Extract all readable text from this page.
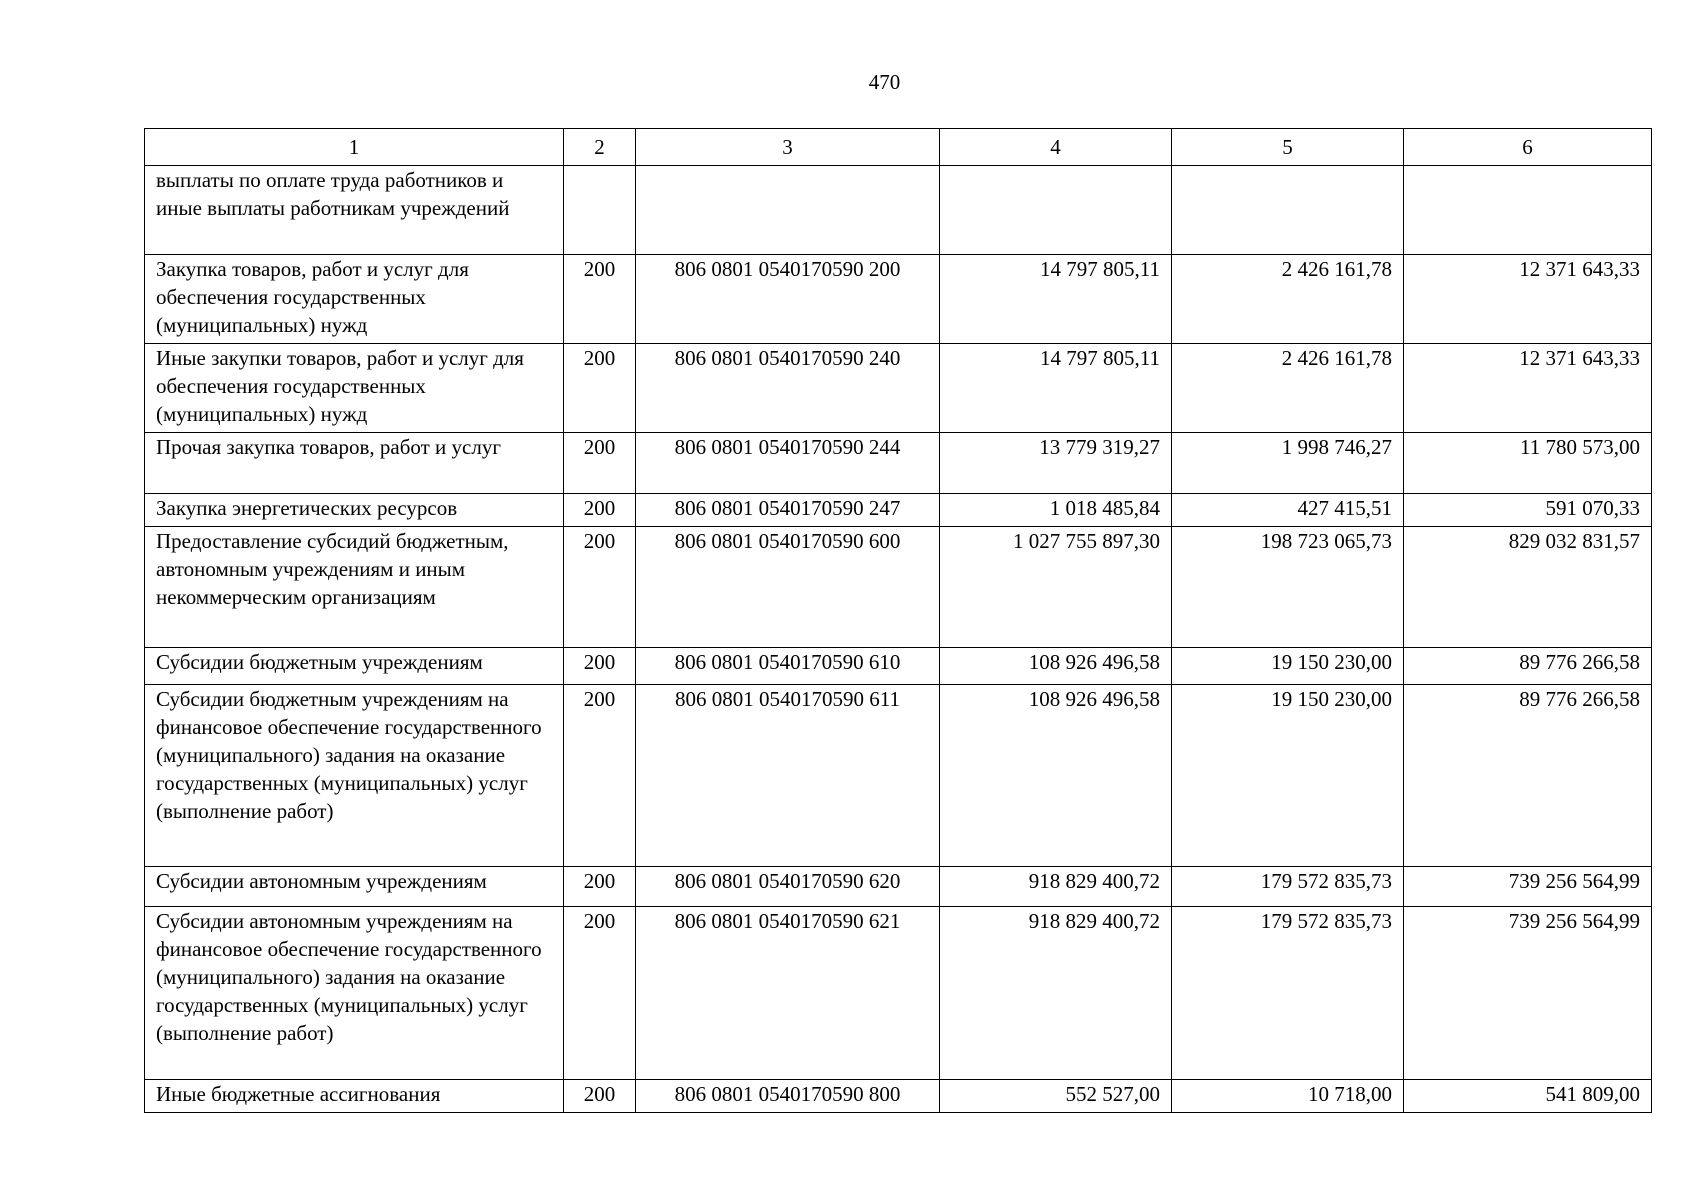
470
1	2	3	4	5	6
выплаты по оплате труда работников и иные выплаты работникам учреждений					
Закупка товаров, работ и услуг для обеспечения государственных (муниципальных) нужд	200	806 0801 0540170590 200	14 797 805,11	2 426 161,78	12 371 643,33
Иные закупки товаров, работ и услуг для обеспечения государственных (муниципальных) нужд	200	806 0801 0540170590 240	14 797 805,11	2 426 161,78	12 371 643,33
Прочая закупка товаров, работ и услуг	200	806 0801 0540170590 244	13 779 319,27	1 998 746,27	11 780 573,00
Закупка энергетических ресурсов	200	806 0801 0540170590 247	1 018 485,84	427 415,51	591 070,33
Предоставление субсидий бюджетным, автономным учреждениям и иным некоммерческим организациям	200	806 0801 0540170590 600	1 027 755 897,30	198 723 065,73	829 032 831,57
Субсидии бюджетным учреждениям	200	806 0801 0540170590 610	108 926 496,58	19 150 230,00	89 776 266,58
Субсидии бюджетным учреждениям на финансовое обеспечение государственного (муниципального) задания на оказание государственных (муниципальных) услуг (выполнение работ)	200	806 0801 0540170590 611	108 926 496,58	19 150 230,00	89 776 266,58
Субсидии автономным учреждениям	200	806 0801 0540170590 620	918 829 400,72	179 572 835,73	739 256 564,99
Субсидии автономным учреждениям на финансовое обеспечение государственного (муниципального) задания на оказание государственных (муниципальных) услуг (выполнение работ)	200	806 0801 0540170590 621	918 829 400,72	179 572 835,73	739 256 564,99
Иные бюджетные ассигнования	200	806 0801 0540170590 800	552 527,00	10 718,00	541 809,00
